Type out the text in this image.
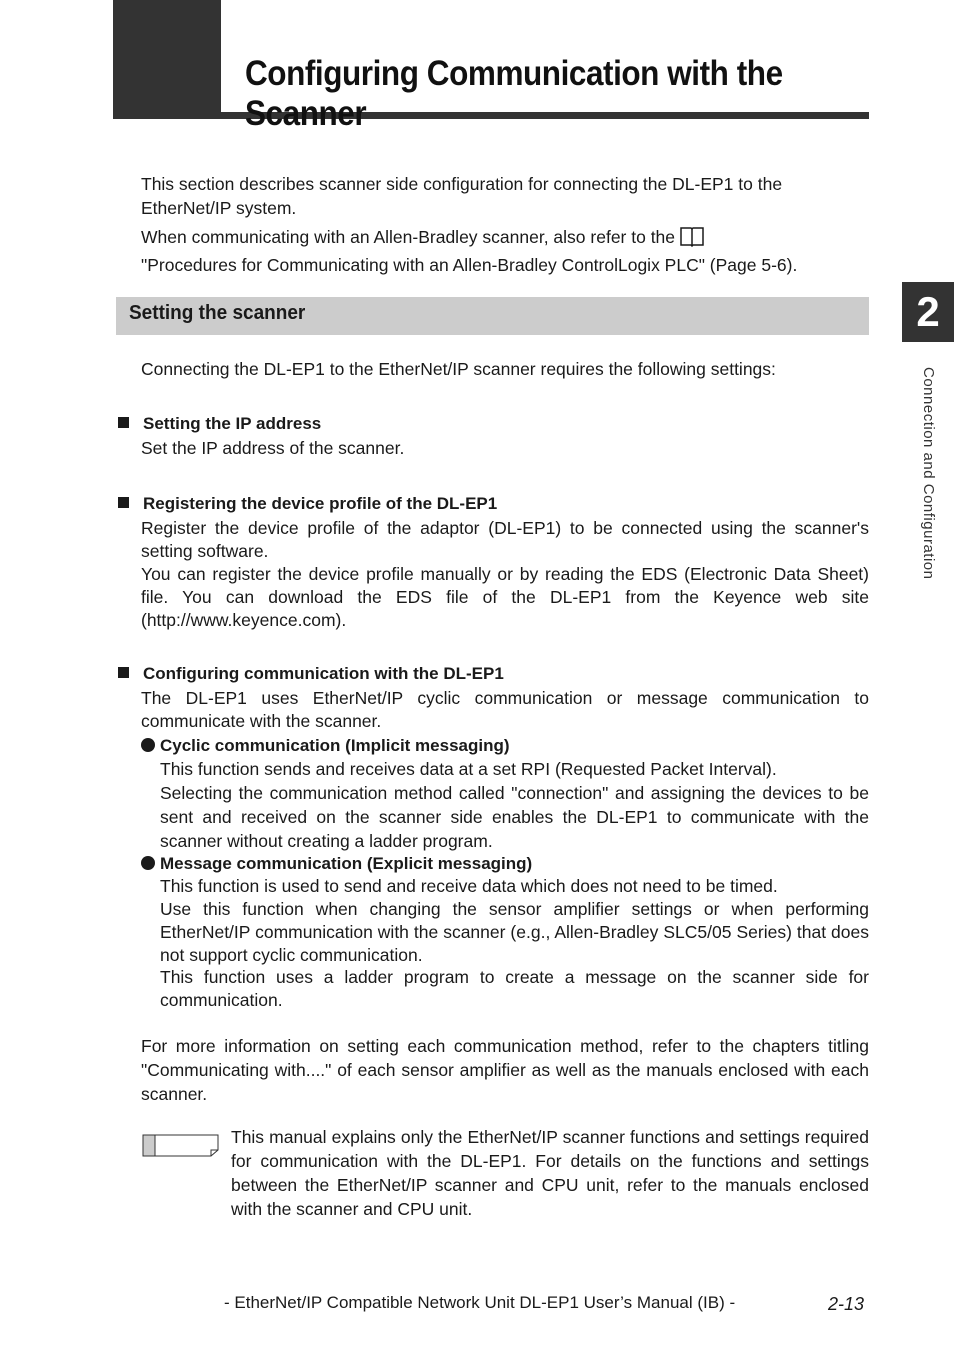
Configuring Communication with the Scanner
This section describes scanner side configuration for connecting the DL-EP1 to the EtherNet/IP system.
When communicating with an Allen-Bradley scanner, also refer to the
"Procedures for Communicating with an Allen-Bradley ControlLogix PLC" (Page 5-6).
Setting the scanner
Connecting the DL-EP1 to the EtherNet/IP scanner requires the following settings:
Setting the IP address
Set the IP address of the scanner.
Registering the device profile of the DL-EP1
Register the device profile of the adaptor (DL-EP1) to be connected using the scanner's setting software.
You can register the device profile manually or by reading the EDS (Electronic Data Sheet) file. You can download the EDS file of the DL-EP1 from the Keyence web site (http://www.keyence.com).
Configuring communication with the DL-EP1
The DL-EP1 uses EtherNet/IP cyclic communication or message communication to communicate with the scanner.
Cyclic communication (Implicit messaging)
This function sends and receives data at a set RPI (Requested Packet Interval).
Selecting the communication method called "connection" and assigning the devices to be sent and received on the scanner side enables the DL-EP1 to communicate with the scanner without creating a ladder program.
Message communication (Explicit messaging)
This function is used to send and receive data which does not need to be timed.
Use this function when changing the sensor amplifier settings or when performing EtherNet/IP communication with the scanner (e.g., Allen-Bradley SLC5/05 Series) that does not support cyclic communication.
This function uses a ladder program to create a message on the scanner side for communication.
For more information on setting each communication method, refer to the chapters titling "Communicating with...." of each sensor amplifier as well as the manuals enclosed with each scanner.
This manual explains only the EtherNet/IP scanner functions and settings required for communication with the DL-EP1. For details on the functions and settings between the EtherNet/IP scanner and CPU unit, refer to the manuals enclosed with the scanner and CPU unit.
2
Connection and Configuration
- EtherNet/IP Compatible Network Unit DL-EP1 User’s Manual (IB) -	2-13
